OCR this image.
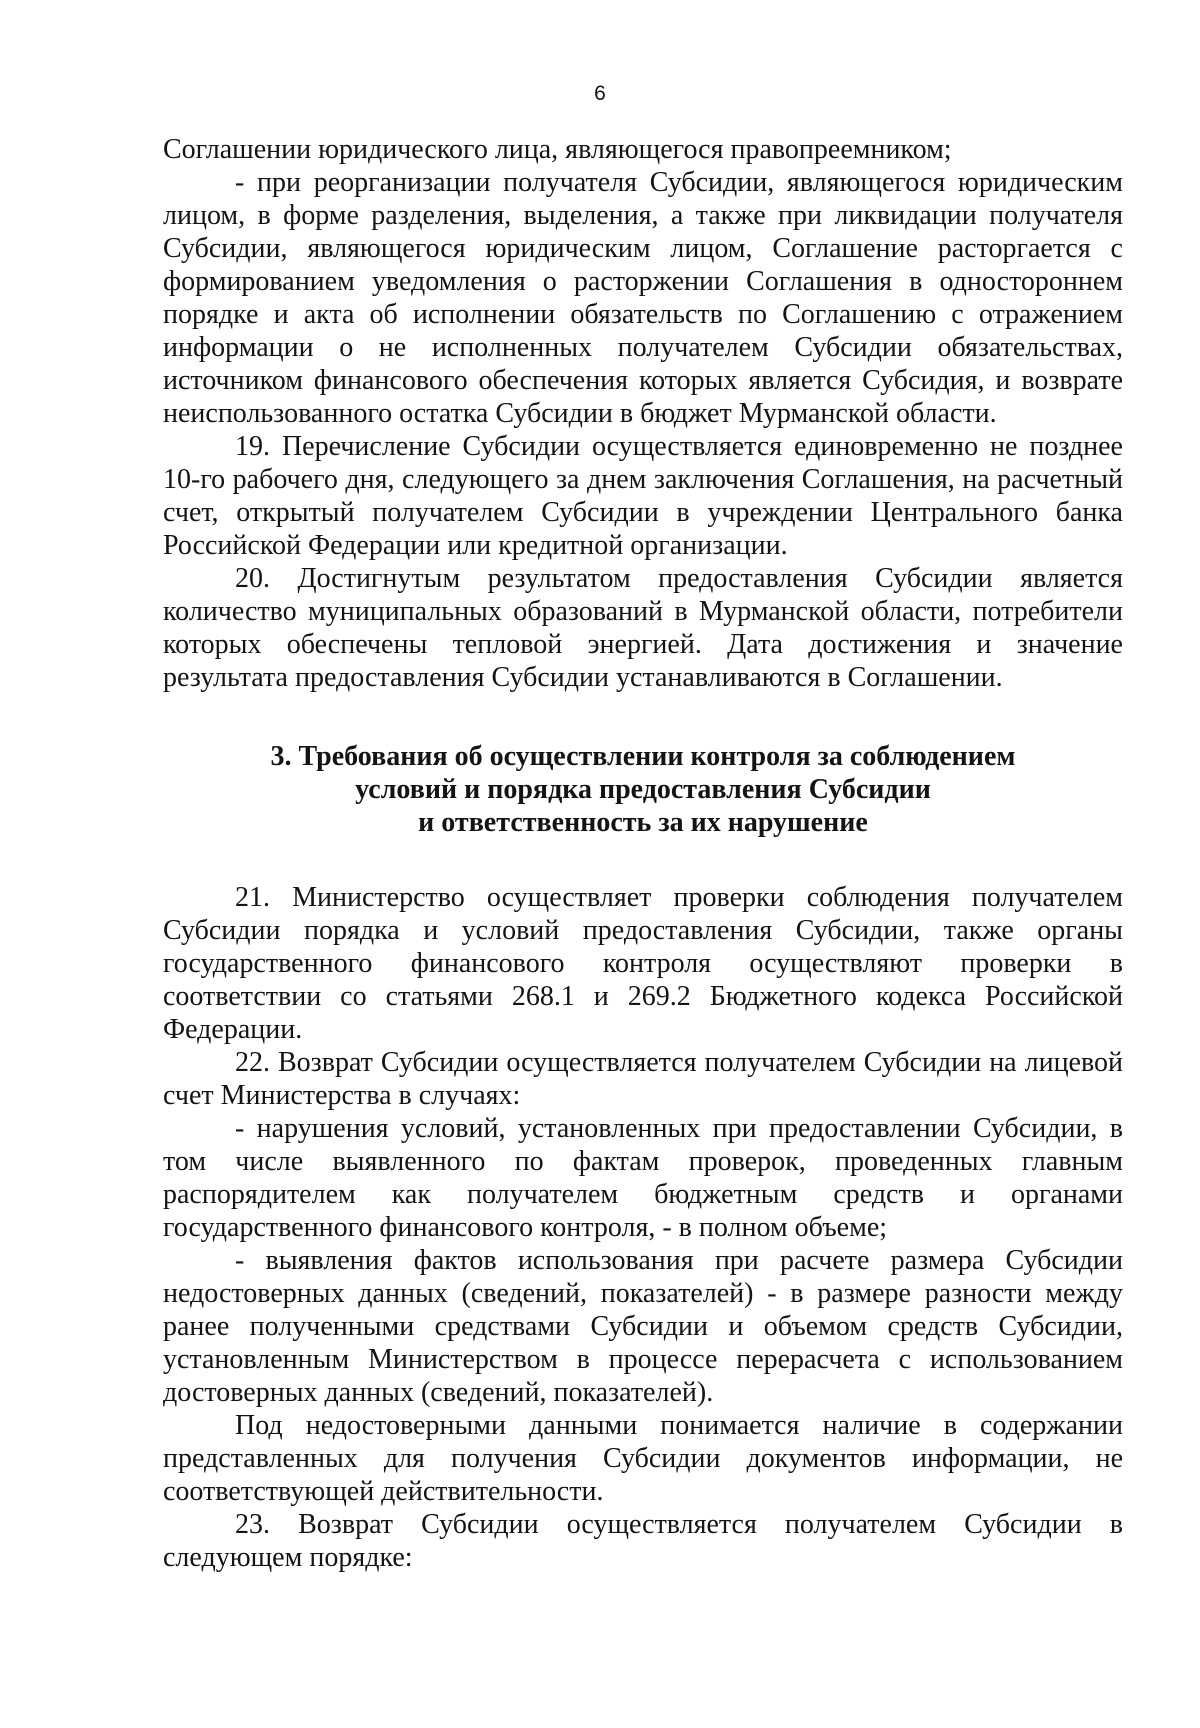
6

Соглашении юридического лица, являющегося правопреемником;

- при реорганизации получателя Субсидии, являющегося юридическим лицом, в форме разделения, выделения, а также при ликвидации получателя Субсидии, являющегося юридическим лицом, Соглашение расторгается с формированием уведомления о расторжении Соглашения в одностороннем порядке и акта об исполнении обязательств по Соглашению с отражением информации о не исполненных получателем Субсидии обязательствах, источником финансового обеспечения которых является Субсидия, и возврате неиспользованного остатка Субсидии в бюджет Мурманской области.

19. Перечисление Субсидии осуществляется единовременно не позднее 10-го рабочего дня, следующего за днем заключения Соглашения, на расчетный счет, открытый получателем Субсидии в учреждении Центрального банка Российской Федерации или кредитной организации.

20. Достигнутым результатом предоставления Субсидии является количество муниципальных образований в Мурманской области, потребители которых обеспечены тепловой энергией. Дата достижения и значение результата предоставления Субсидии устанавливаются в Соглашении.

3. Требования об осуществлении контроля за соблюдением
условий и порядка предоставления Субсидии
и ответственность за их нарушение

21. Министерство осуществляет проверки соблюдения получателем Субсидии порядка и условий предоставления Субсидии, также органы государственного финансового контроля осуществляют проверки в соответствии со статьями 268.1 и 269.2 Бюджетного кодекса Российской Федерации.

22. Возврат Субсидии осуществляется получателем Субсидии на лицевой счет Министерства в случаях:

- нарушения условий, установленных при предоставлении Субсидии, в том числе выявленного по фактам проверок, проведенных главным распорядителем как получателем бюджетным средств и органами государственного финансового контроля, - в полном объеме;

- выявления фактов использования при расчете размера Субсидии недостоверных данных (сведений, показателей) - в размере разности между ранее полученными средствами Субсидии и объемом средств Субсидии, установленным Министерством в процессе перерасчета с использованием достоверных данных (сведений, показателей).

Под недостоверными данными понимается наличие в содержании представленных для получения Субсидии документов информации, не соответствующей действительности.

23. Возврат Субсидии осуществляется получателем Субсидии в следующем порядке:
